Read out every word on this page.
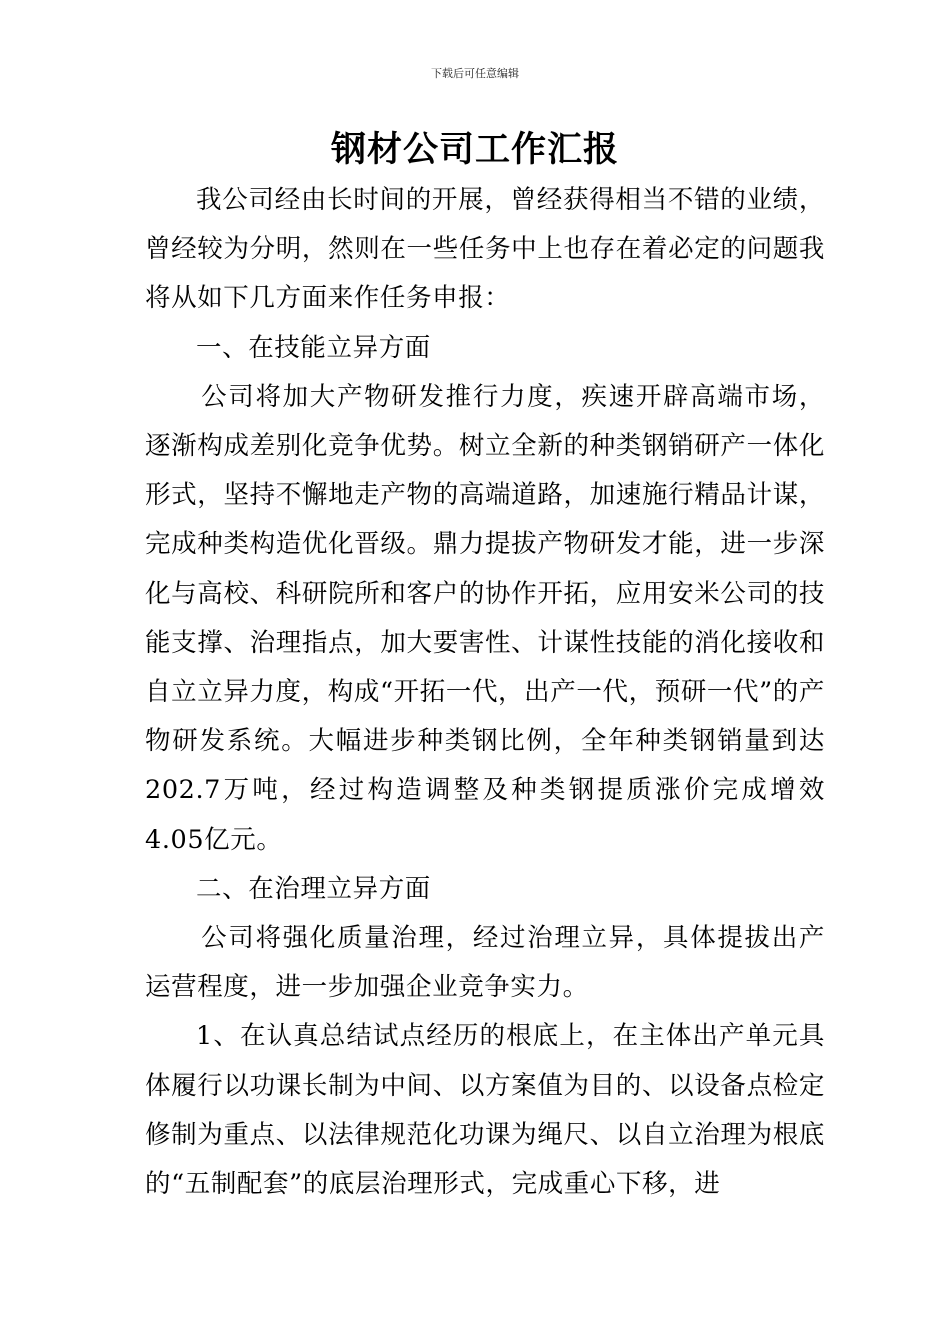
下载后可任意编辑
钢材公司工作汇报

我公司经由长时间的开展，曾经获得相当不错的业绩，曾经较为分明，然则在一些任务中上也存在着必定的问题我将从如下几方面来作任务申报：

一、在技能立异方面

公司将加大产物研发推行力度，疾速开辟高端市场，逐渐构成差别化竞争优势。树立全新的种类钢销研产一体化形式，坚持不懈地走产物的高端道路，加速施行精品计谋，完成种类构造优化晋级。鼎力提拔产物研发才能，进一步深化与高校、科研院所和客户的协作开拓，应用安米公司的技能支撑、治理指点，加大要害性、计谋性技能的消化接收和自立立异力度，构成“开拓一代，出产一代，预研一代”的产物研发系统。大幅进步种类钢比例，全年种类钢销量到达202.7万吨，经过构造调整及种类钢提质涨价完成增效4.05亿元。

二、在治理立异方面

公司将强化质量治理，经过治理立异，具体提拔出产运营程度，进一步加强企业竞争实力。

1、在认真总结试点经历的根底上，在主体出产单元具体履行以功课长制为中间、以方案值为目的、以设备点检定修制为重点、以法律规范化功课为绳尺、以自立治理为根底的“五制配套”的底层治理形式，完成重心下移，进
